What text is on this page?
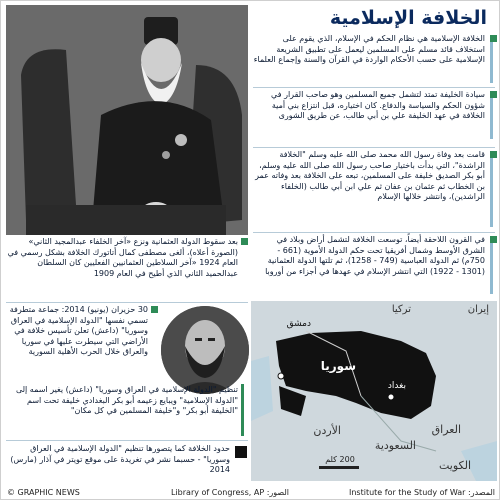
الخلافة الإسلامية
الخلافة الإسلامية هي نظام الحكم في الإسلام، الذي يقوم على استخلاف قائد مسلم على المسلمين ليعمل على تطبيق الشريعة الإسلامية على حسب الأحكام الواردة في القرآن والسنة وإجماع العلماء
سيادة الخليفة تمتد لتشمل جميع المسلمين وهو صاحب القرار في شؤون الحكم والسياسة والدفاع. كان اختياره، قبل انتزاع بني أمية الخلافة في عهد الخليفة علي بن أبي طالب، عن طريق الشورى
قامت بعد وفاة رسول الله محمد صلى الله عليه وسلم "الخلافة الراشدة"، التي بدأت باختيار صاحب رسول الله صلى الله عليه وسلم، أبو بكر الصديق خليفة على المسلمين، تبعه على الخلافة بعد وفاته عمر بن الخطاب ثم عثمان بن عفان ثم علي ابن أبي طالب (الخلفاء الراشدين)، وانتشر خلالها الإسلام
في القرون اللاحقة أيضاً، توسعت الخلافة لتشمل أراض وبلاد في الشرق الأوسط وشمال أفريقيا تحت حكم الدولة الأموية (661 - 750م) ثم الدولة العباسية (749 - 1258)، ثم تلتها الدولة العثمانية (1301 - 1922) التي انتشر الإسلام في عهدها في أجزاء من أوروبا
بعد سقوط الدولة العثمانية ونزع «آخر الخلفاء عبدالمجيد الثاني» (الصورة أعلاه)، ألغى مصطفى كمال أتاتورك الخلافة بشكل رسمي في العام 1924 «آخر السلاطين العثمانيين الفعليين كان السلطان عبدالحميد الثاني الذي أطيح في العام 1909
30 حزيران (يونيو) 2014: جماعة متطرفة تسمي نفسها "الدولة الإسلامية في العراق وسوريا" (داعش) تعلن تأسيس خلافة في الأراضي التي سيطرت عليها في سوريا والعراق خلال الحرب الأهلية السورية
تنظيم "الدولة الإسلامية في العراق وسوريا" (داعش) يغير اسمه إلى "الدولة الإسلامية" ويبايع زعيمه أبو بكر البغدادي خليفة تحت اسم "الخليفة أبو بكر" و"خليفة المسلمين في كل مكان"
حدود الخلافة كما يتصورها تنظيم "الدولة الإسلامية في العراق وسوريا" - حسبما نشر في تغريدة على موقع تويتر في آذار (مارس) 2014
تركيا	إيران
دمشق
سوريا
بغداد
العراق
الأردن
السعودية
الكويت
200 كلم
© GRAPHIC NEWS	Library of Congress, AP :الصور	Institute for the Study of War :المصدر
